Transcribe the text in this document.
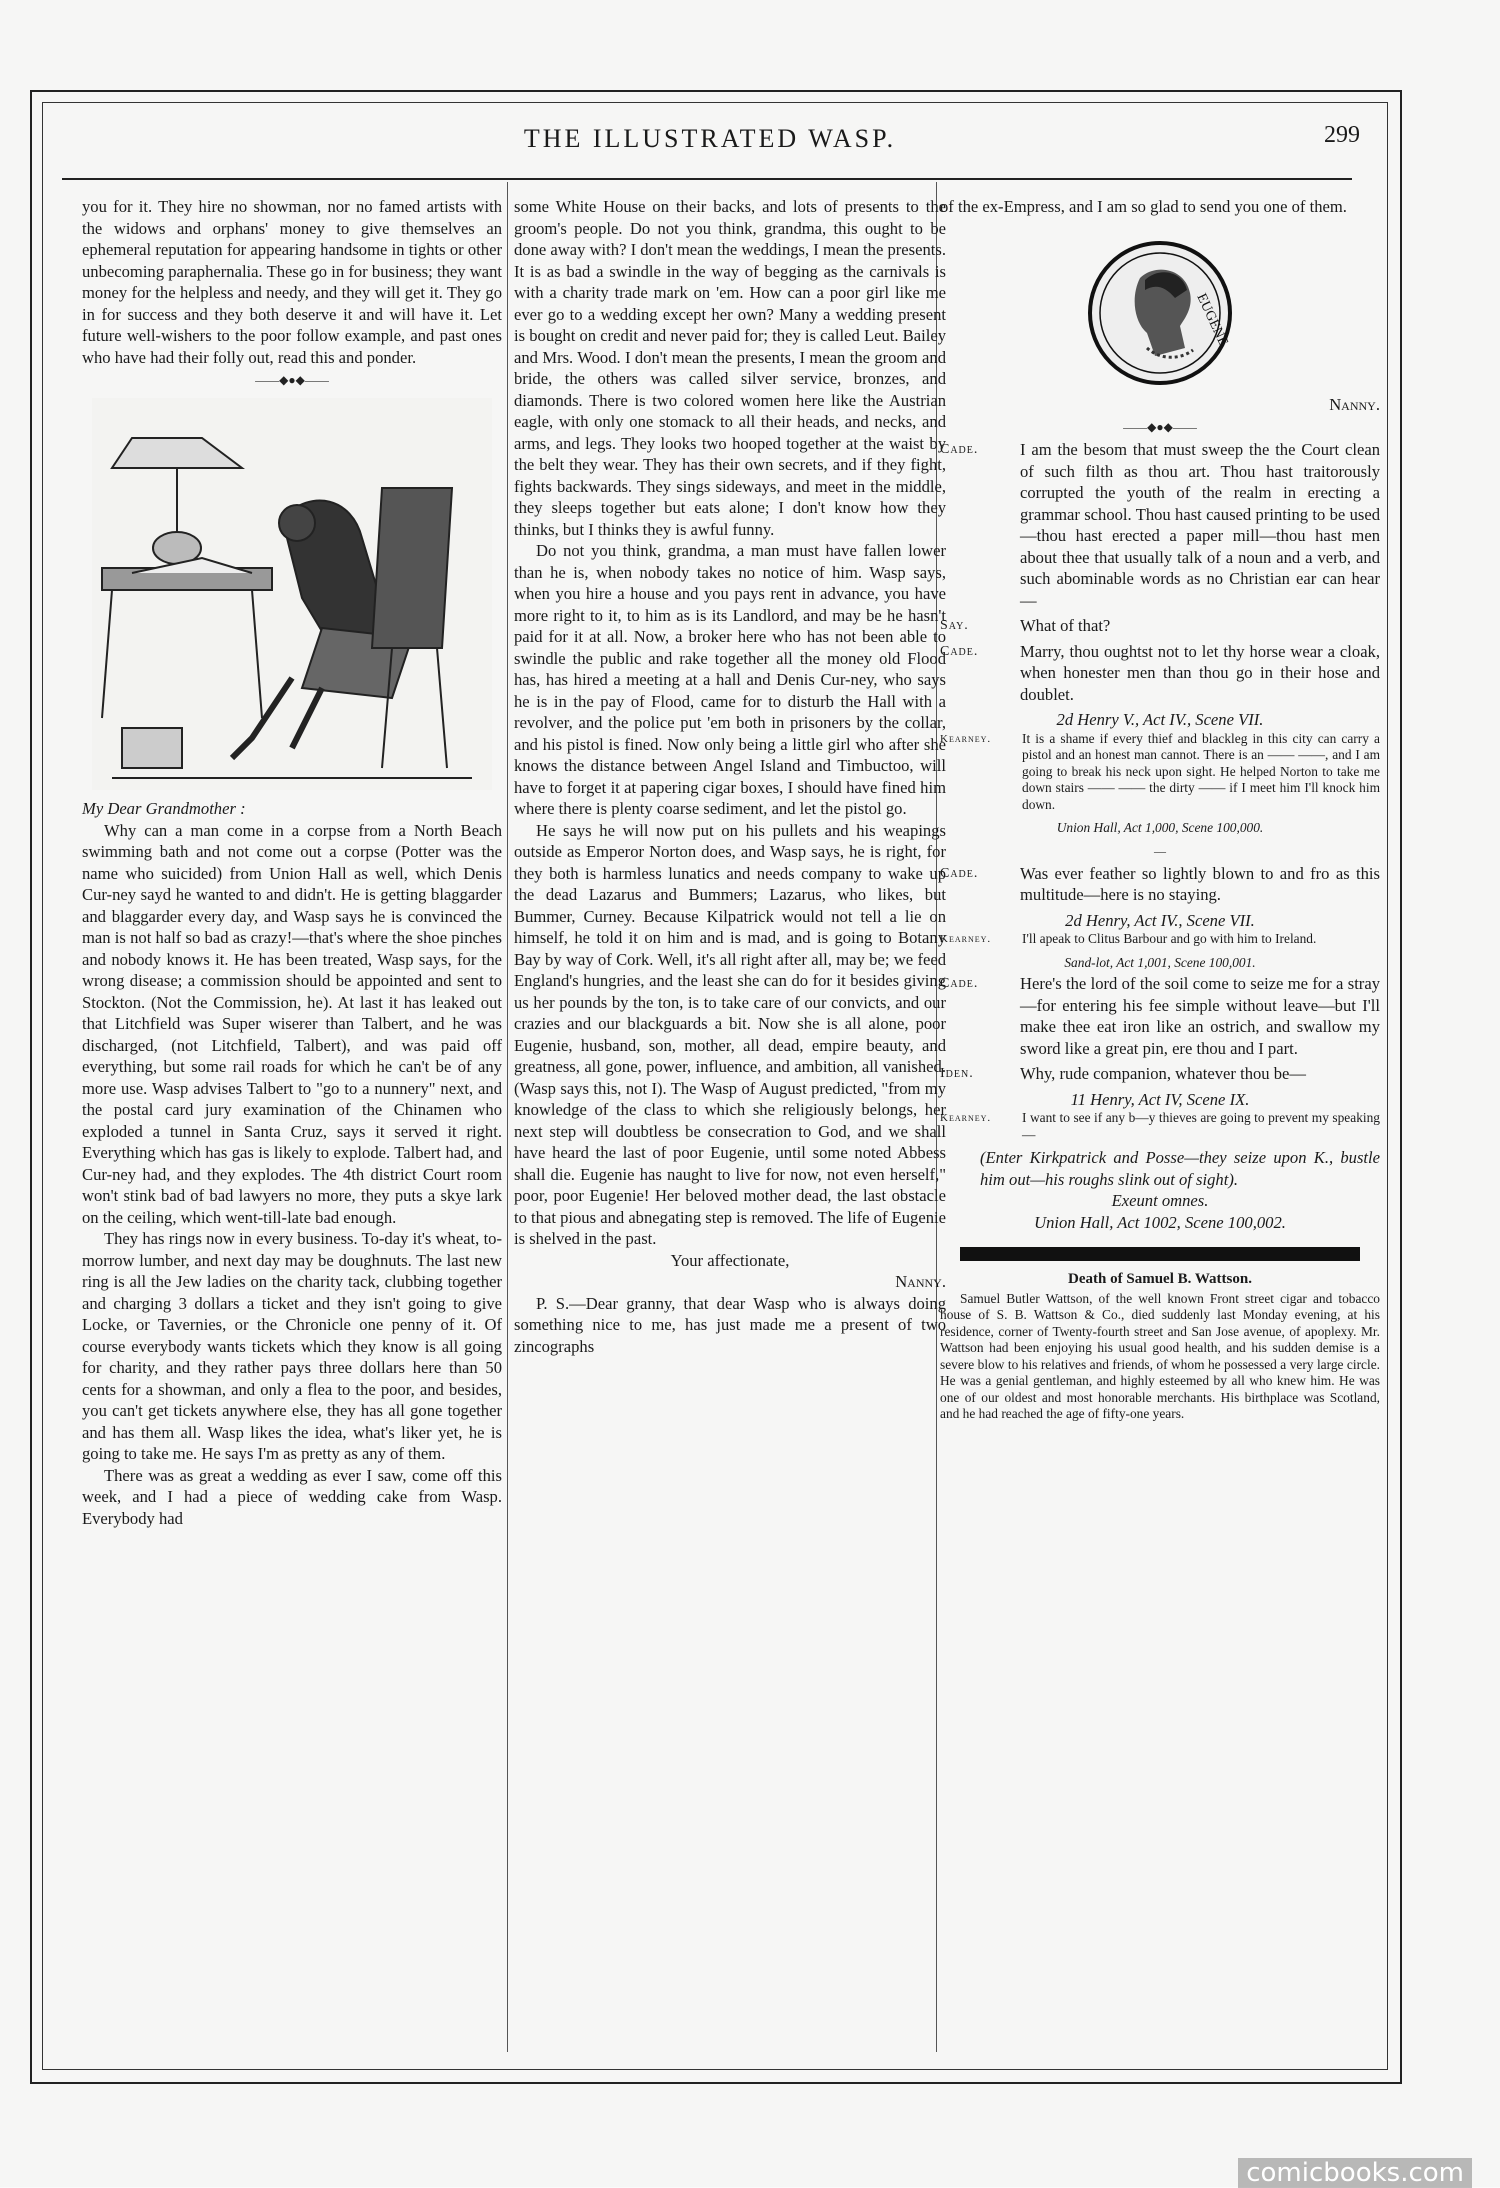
THE ILLUSTRATED WASP.	299

you for it. They hire no showman, nor no famed artists with the widows and orphans' money to give themselves an ephemeral reputation for appearing handsome in tights or other unbecoming paraphernalia. These go in for business; they want money for the helpless and needy, and they will get it. They go in for success and they both deserve it and will have it. Let future well-wishers to the poor follow example, and past ones who have had their folly out, read this and ponder.

——◆●◆——

My Dear Grandmother :

Why can a man come in a corpse from a North Beach swimming bath and not come out a corpse (Potter was the name who suicided) from Union Hall as well, which Denis Cur-ney sayd he wanted to and didn't. He is getting blaggarder and blaggarder every day, and Wasp says he is convinced the man is not half so bad as crazy!—that's where the shoe pinches and nobody knows it. He has been treated, Wasp says, for the wrong disease; a commission should be appointed and sent to Stockton. (Not the Commission, he). At last it has leaked out that Litchfield was Super wiserer than Talbert, and he was discharged, (not Litchfield, Talbert), and was paid off everything, but some rail roads for which he can't be of any more use. Wasp advises Talbert to "go to a nunnery" next, and the postal card jury examination of the Chinamen who exploded a tunnel in Santa Cruz, says it served it right. Everything which has gas is likely to explode. Talbert had, and Cur-ney had, and they explodes. The 4th district Court room won't stink bad of bad lawyers no more, they puts a skye lark on the ceiling, which went-till-late bad enough.

They has rings now in every business. To-day it's wheat, to-morrow lumber, and next day may be doughnuts. The last new ring is all the Jew ladies on the charity tack, clubbing together and charging 3 dollars a ticket and they isn't going to give Locke, or Tavernies, or the Chronicle one penny of it. Of course everybody wants tickets which they know is all going for charity, and they rather pays three dollars here than 50 cents for a showman, and only a flea to the poor, and besides, you can't get tickets anywhere else, they has all gone together and has them all. Wasp likes the idea, what's liker yet, he is going to take me. He says I'm as pretty as any of them.

There was as great a wedding as ever I saw, come off this week, and I had a piece of wedding cake from Wasp. Everybody had

some White House on their backs, and lots of presents to the groom's people. Do not you think, grandma, this ought to be done away with? I don't mean the weddings, I mean the presents. It is as bad a swindle in the way of begging as the carnivals is with a charity trade mark on 'em. How can a poor girl like me ever go to a wedding except her own? Many a wedding present is bought on credit and never paid for; they is called Leut. Bailey and Mrs. Wood. I don't mean the presents, I mean the groom and bride, the others was called silver service, bronzes, and diamonds. There is two colored women here like the Austrian eagle, with only one stomack to all their heads, and necks, and arms, and legs. They looks two hooped together at the waist by the belt they wear. They has their own secrets, and if they fight, fights backwards. They sings sideways, and meet in the middle, they sleeps together but eats alone; I don't know how they thinks, but I thinks they is awful funny.

Do not you think, grandma, a man must have fallen lower than he is, when nobody takes no notice of him. Wasp says, when you hire a house and you pays rent in advance, you have more right to it, to him as is its Landlord, and may be he hasn't paid for it at all. Now, a broker here who has not been able to swindle the public and rake together all the money old Flood has, has hired a meeting at a hall and Denis Cur-ney, who says he is in the pay of Flood, came for to disturb the Hall with a revolver, and the police put 'em both in prisoners by the collar, and his pistol is fined. Now only being a little girl who after she knows the distance between Angel Island and Timbuctoo, will have to forget it at papering cigar boxes, I should have fined him where there is plenty coarse sediment, and let the pistol go.

He says he will now put on his pullets and his weapings outside as Emperor Norton does, and Wasp says, he is right, for they both is harmless lunatics and needs company to wake up the dead Lazarus and Bummers; Lazarus, who likes, but Bummer, Curney. Because Kilpatrick would not tell a lie on himself, he told it on him and is mad, and is going to Botany Bay by way of Cork. Well, it's all right after all, may be; we feed England's hungries, and the least she can do for it besides giving us her pounds by the ton, is to take care of our convicts, and our crazies and our blackguards a bit. Now she is all alone, poor Eugenie, husband, son, mother, all dead, empire beauty, and greatness, all gone, power, influence, and ambition, all vanished. (Wasp says this, not I). The Wasp of August predicted, "from my knowledge of the class to which she religiously belongs, her next step will doubtless be consecration to God, and we shall have heard the last of poor Eugenie, until some noted Abbess shall die. Eugenie has naught to live for now, not even herself," poor, poor Eugenie! Her beloved mother dead, the last obstacle to that pious and abnegating step is removed. The life of Eugenie is shelved in the past.

Your affectionate,

Nanny.

P. S.—Dear granny, that dear Wasp who is always doing something nice to me, has just made me a present of two zincographs

of the ex-Empress, and I am so glad to send you one of them.

EUGENE

Nanny.

——◆●◆——
Cade.	I am the besom that must sweep the the Court clean of such filth as thou art. Thou hast traitorously corrupted the youth of the realm in erecting a grammar school. Thou hast caused printing to be used—thou hast erected a paper mill—thou hast men about thee that usually talk of a noun and a verb, and such abominable words as no Christian ear can hear—
Say.	What of that?
Cade.	Marry, thou oughtst not to let thy horse wear a cloak, when honester men than thou go in their hose and doublet.

2d Henry V., Act IV., Scene VII.

Kearney. It is a shame if every thief and blackleg in this city can carry a pistol and an honest man cannot. There is an —— ——, and I am going to break his neck upon sight. He helped Norton to take me down stairs —— —— the dirty —— if I meet him I'll knock him down.

Union Hall, Act 1,000, Scene 100,000.

—
Cade.	Was ever feather so lightly blown to and fro as this multitude—here is no staying.

2d Henry, Act IV., Scene VII.

Kearney. I'll apeak to Clitus Barbour and go with him to Ireland.

Sand-lot, Act 1,001, Scene 100,001.

Cade.	Here's the lord of the soil come to seize me for a stray—for entering his fee simple without leave—but I'll make thee eat iron like an ostrich, and swallow my sword like a great pin, ere thou and I part.
Iden.	Why, rude companion, whatever thou be—

11 Henry, Act IV, Scene IX.

Kearney. I want to see if any b—y thieves are going to prevent my speaking—

(Enter Kirkpatrick and Posse—they seize upon K., bustle him out—his roughs slink out of sight).

Exeunt omnes.

Union Hall, Act 1002, Scene 100,002.

Death of Samuel B. Wattson.

Samuel Butler Wattson, of the well known Front street cigar and tobacco house of S. B. Wattson & Co., died suddenly last Monday evening, at his residence, corner of Twenty-fourth street and San Jose avenue, of apoplexy. Mr. Wattson had been enjoying his usual good health, and his sudden demise is a severe blow to his relatives and friends, of whom he possessed a very large circle. He was a genial gentleman, and highly esteemed by all who knew him. He was one of our oldest and most honorable merchants. His birthplace was Scotland, and he had reached the age of fifty-one years.

comicbooks.com
